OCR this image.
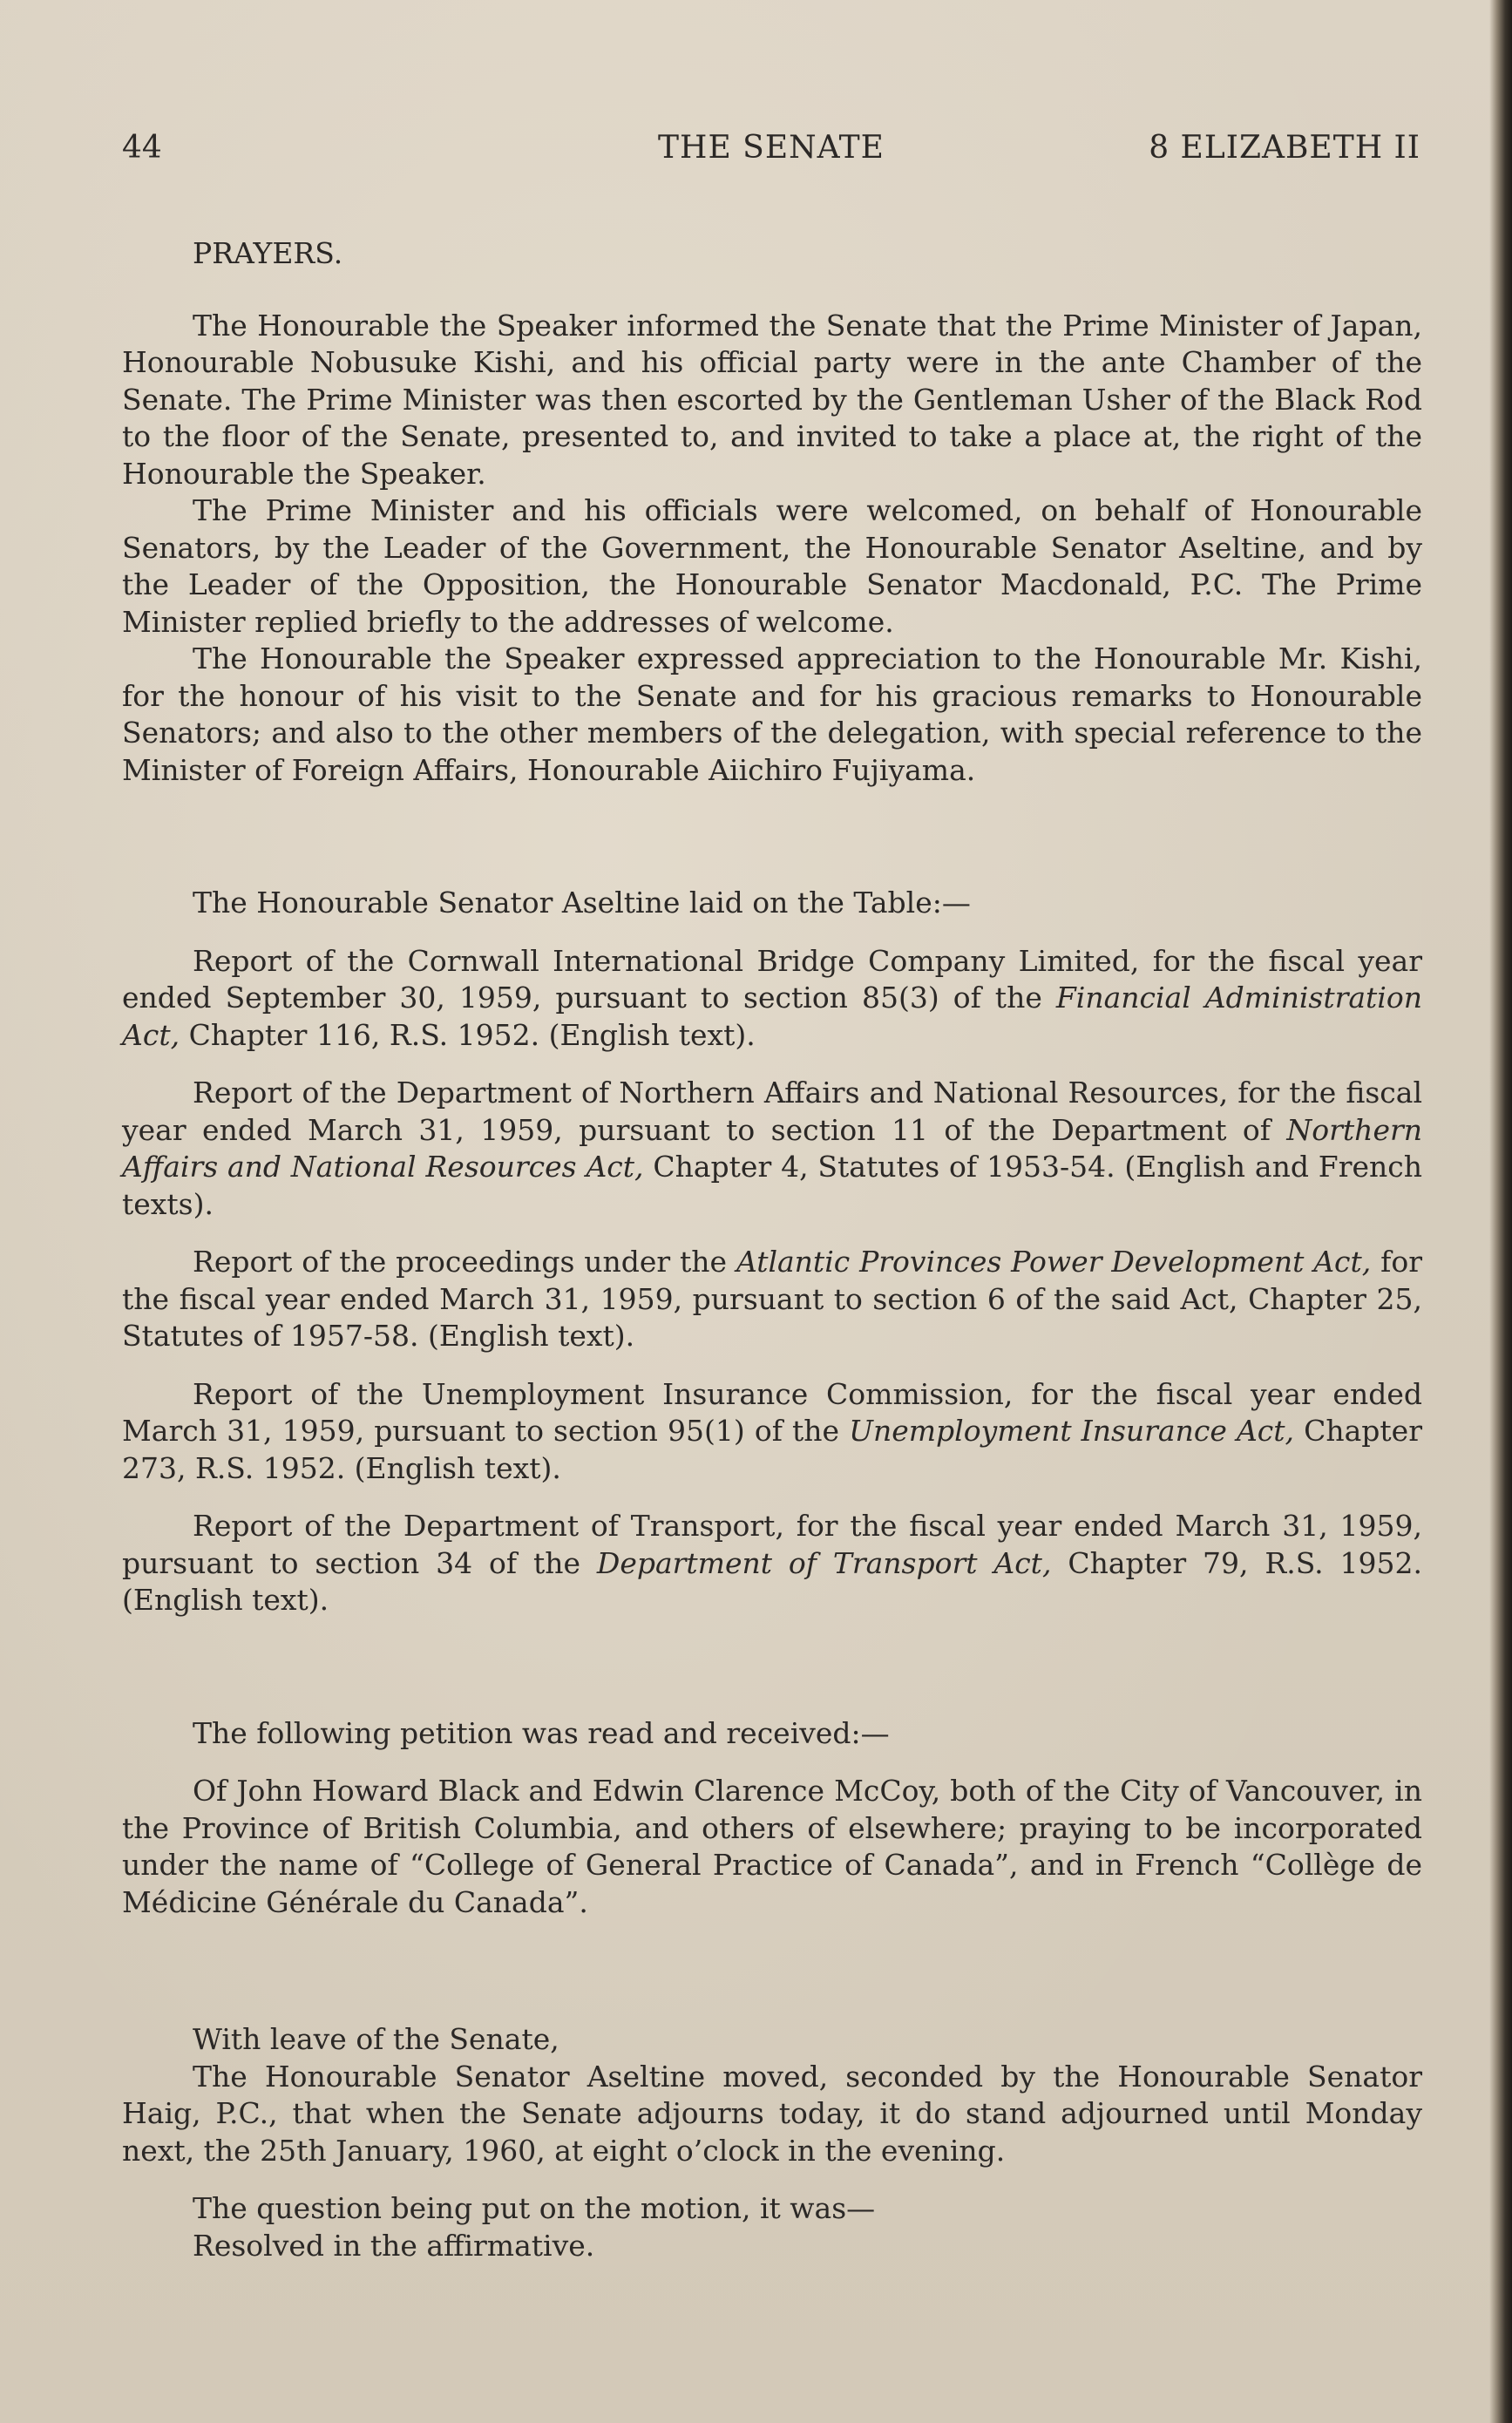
THE SENATE
44	8 ELIZABETH II

PRAYERS.

The Honourable the Speaker informed the Senate that the Prime Minister of Japan, Honourable Nobusuke Kishi, and his official party were in the ante Chamber of the Senate. The Prime Minister was then escorted by the Gentleman Usher of the Black Rod to the floor of the Senate, presented to, and invited to take a place at, the right of the Honourable the Speaker.

The Prime Minister and his officials were welcomed, on behalf of Honourable Senators, by the Leader of the Government, the Honourable Senator Aseltine, and by the Leader of the Opposition, the Honourable Senator Macdonald, P.C. The Prime Minister replied briefly to the addresses of welcome.

The Honourable the Speaker expressed appreciation to the Honourable Mr. Kishi, for the honour of his visit to the Senate and for his gracious remarks to Honourable Senators; and also to the other members of the delegation, with special reference to the Minister of Foreign Affairs, Honourable Aiichiro Fujiyama.

The Honourable Senator Aseltine laid on the Table:—

Report of the Cornwall International Bridge Company Limited, for the fiscal year ended September 30, 1959, pursuant to section 85(3) of the Financial Administration Act, Chapter 116, R.S. 1952. (English text).

Report of the Department of Northern Affairs and National Resources, for the fiscal year ended March 31, 1959, pursuant to section 11 of the Department of Northern Affairs and National Resources Act, Chapter 4, Statutes of 1953-54. (English and French texts).

Report of the proceedings under the Atlantic Provinces Power Development Act, for the fiscal year ended March 31, 1959, pursuant to section 6 of the said Act, Chapter 25, Statutes of 1957-58. (English text).

Report of the Unemployment Insurance Commission, for the fiscal year ended March 31, 1959, pursuant to section 95(1) of the Unemployment Insurance Act, Chapter 273, R.S. 1952. (English text).

Report of the Department of Transport, for the fiscal year ended March 31, 1959, pursuant to section 34 of the Department of Transport Act, Chapter 79, R.S. 1952. (English text).

The following petition was read and received:—

Of John Howard Black and Edwin Clarence McCoy, both of the City of Vancouver, in the Province of British Columbia, and others of elsewhere; praying to be incorporated under the name of “College of General Practice of Canada”, and in French “Collège de Médicine Générale du Canada”.

With leave of the Senate,

The Honourable Senator Aseltine moved, seconded by the Honourable Senator Haig, P.C., that when the Senate adjourns today, it do stand adjourned until Monday next, the 25th January, 1960, at eight o’clock in the evening.

The question being put on the motion, it was—

Resolved in the affirmative.
